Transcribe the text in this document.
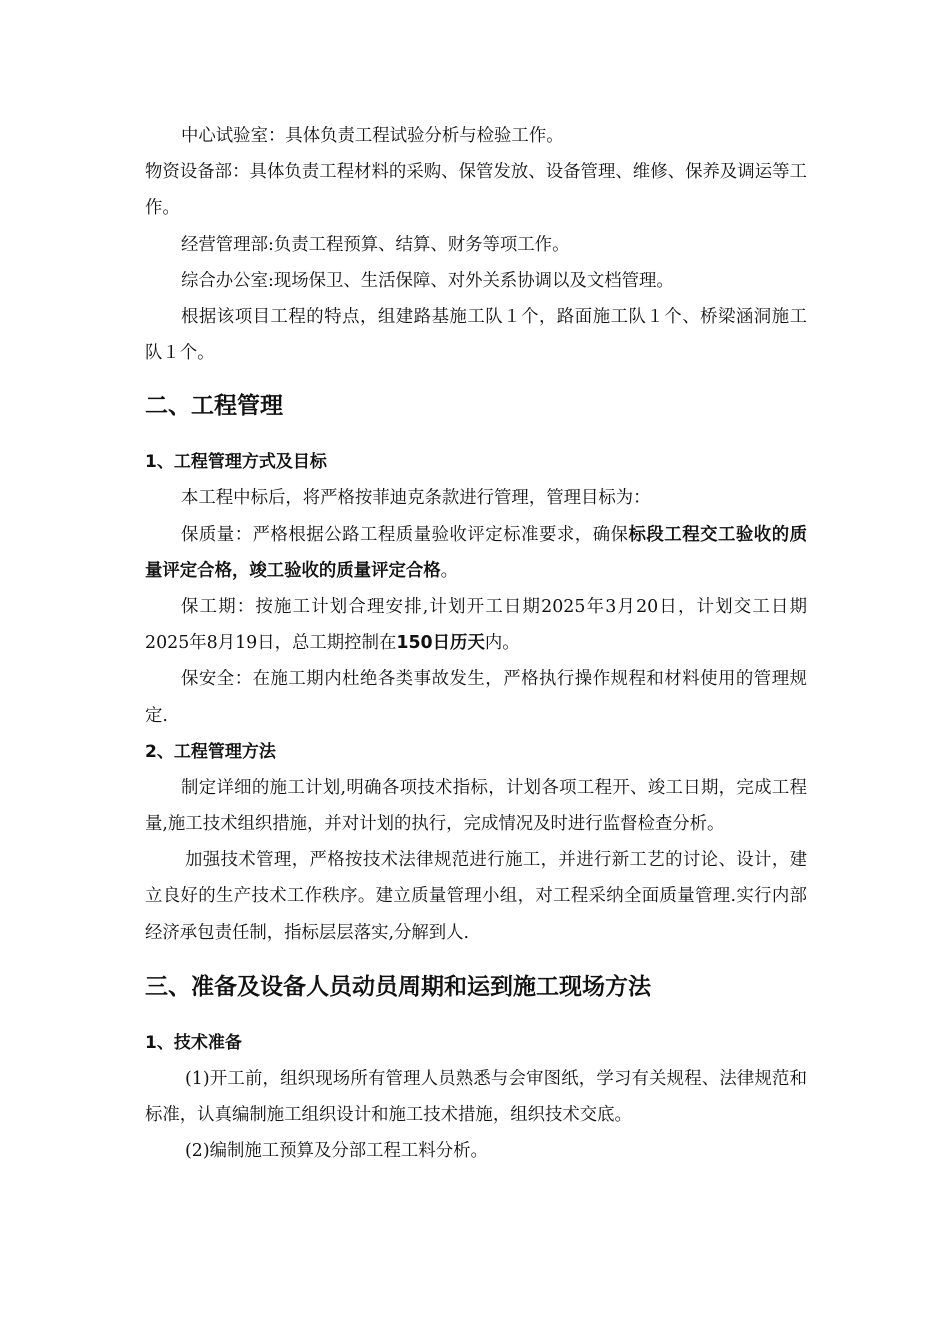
中心试验室：具体负责工程试验分析与检验工作。

物资设备部：具体负责工程材料的采购、保管发放、设备管理、维修、保养及调运等工作。

经营管理部:负责工程预算、结算、财务等项工作。

综合办公室:现场保卫、生活保障、对外关系协调以及文档管理。

根据该项目工程的特点，组建路基施工队１个，路面施工队１个、桥梁涵洞施工队１个。

二、工程管理
1、工程管理方式及目标

本工程中标后，将严格按菲迪克条款进行管理，管理目标为：

保质量：严格根据公路工程质量验收评定标准要求，确保标段工程交工验收的质量评定合格，竣工验收的质量评定合格。

保工期：按施工计划合理安排,计划开工日期2025年3月20日，计划交工日期2025年8月19日，总工期控制在150日历天内。

保安全：在施工期内杜绝各类事故发生，严格执行操作规程和材料使用的管理规定.

2、工程管理方法

制定详细的施工计划,明确各项技术指标，计划各项工程开、竣工日期，完成工程量,施工技术组织措施，并对计划的执行，完成情况及时进行监督检查分析。

加强技术管理，严格按技术法律规范进行施工，并进行新工艺的讨论、设计，建立良好的生产技术工作秩序。建立质量管理小组，对工程采纳全面质量管理.实行内部经济承包责任制，指标层层落实,分解到人.

三、准备及设备人员动员周期和运到施工现场方法
1、技术准备

(1)开工前，组织现场所有管理人员熟悉与会审图纸，学习有关规程、法律规范和标准，认真编制施工组织设计和施工技术措施，组织技术交底。

(2)编制施工预算及分部工程工料分析。
